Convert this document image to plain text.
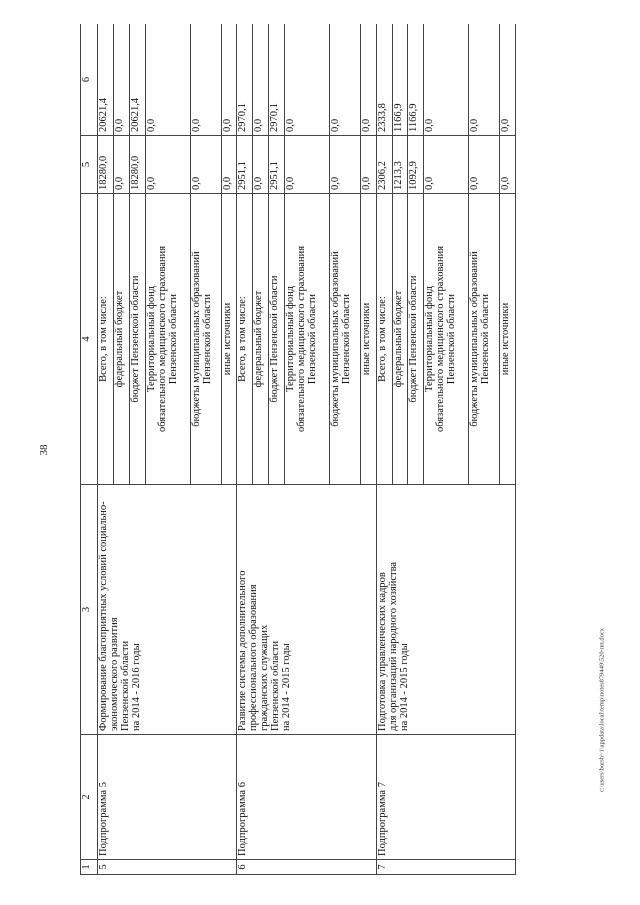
38
c:\users\borsh~1\appdata\local\temp\notes879449\520-пп.docx
1	2	3	4	5	6
5	Подпрограмма 5	Формирование благоприятных условий социально-экономического развития
Пензенской области
на 2014 - 2016 годы	Всего, в том числе:	18280,0	20621,4
			федеральный бюджет	0,0	0,0
			бюджет Пензенской области	18280,0	20621,4
			Территориальный фонд
обязательного медицинского страхования
Пензенской области	0,0	0,0
			бюджеты муниципальных образований
Пензенской области	0,0	0,0
			иные источники	0,0	0,0
6	Подпрограмма 6	Развитие системы дополнительного профессионального образования
гражданских служащих
Пензенской области
на 2014 - 2015 годы	Всего, в том числе:	2951,1	2970,1
			федеральный бюджет	0,0	0,0
			бюджет Пензенской области	2951,1	2970,1
			Территориальный фонд
обязательного медицинского страхования
Пензенской области	0,0	0,0
			бюджеты муниципальных образований
Пензенской области	0,0	0,0
			иные источники	0,0	0,0
7	Подпрограмма 7	Подготовка управленческих кадров
для организаций народного хозяйства
на 2014 - 2015 годы	Всего, в том числе:	2306,2	2333,8
			федеральный бюджет	1213,3	1166,9
			бюджет Пензенской области	1092,9	1166,9
			Территориальный фонд
обязательного медицинского страхования
Пензенской области	0,0	0,0
			бюджеты муниципальных образований
Пензенской области	0,0	0,0
			иные источники	0,0	0,0
